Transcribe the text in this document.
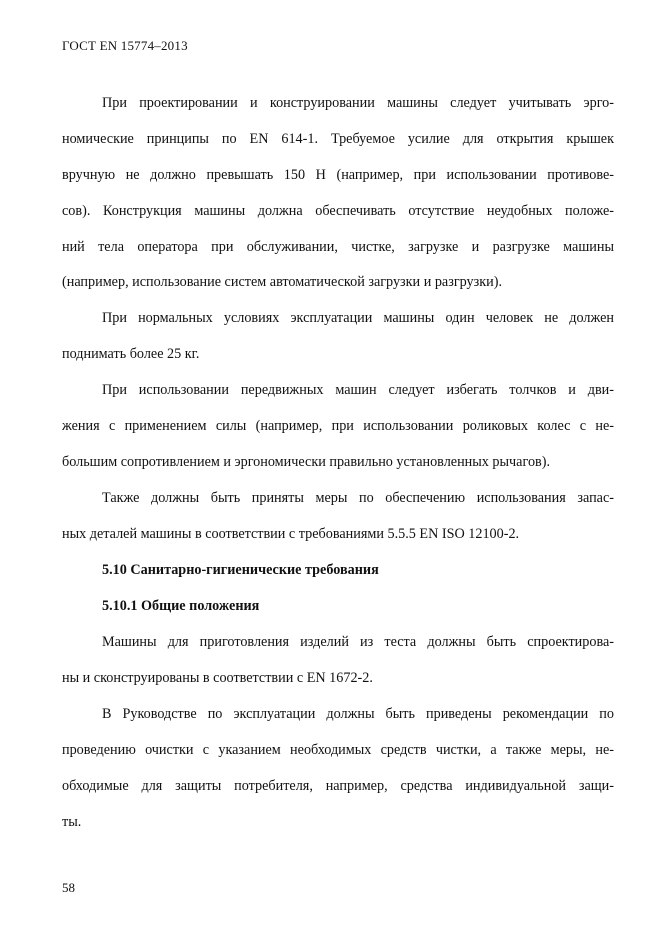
ГОСТ EN 15774–2013
При проектировании и конструировании машины следует учитывать эрго-
номические принципы по EN 614-1. Требуемое усилие для открытия крышек
вручную не должно превышать 150 Н (например, при использовании противове-
сов). Конструкция машины должна обеспечивать отсутствие неудобных положе-
ний тела оператора при обслуживании, чистке, загрузке и разгрузке машины
(например, использование систем автоматической загрузки и разгрузки).
При нормальных условиях эксплуатации машины один человек не должен
поднимать более 25 кг.
При использовании передвижных машин следует избегать толчков и дви-
жения с применением силы (например, при использовании роликовых колес с не-
большим сопротивлением и эргономически правильно установленных рычагов).
Также должны быть приняты меры по обеспечению использования запас-
ных деталей машины в соответствии с требованиями 5.5.5 EN ISO 12100-2.
5.10 Санитарно-гигиенические требования
5.10.1 Общие положения
Машины для приготовления изделий из теста должны быть спроектирова-
ны и сконструированы в соответствии с EN 1672-2.
В Руководстве по эксплуатации должны быть приведены рекомендации по
проведению очистки с указанием необходимых средств чистки, а также меры, не-
обходимые для защиты потребителя, например, средства индивидуальной защи-
ты.
58
